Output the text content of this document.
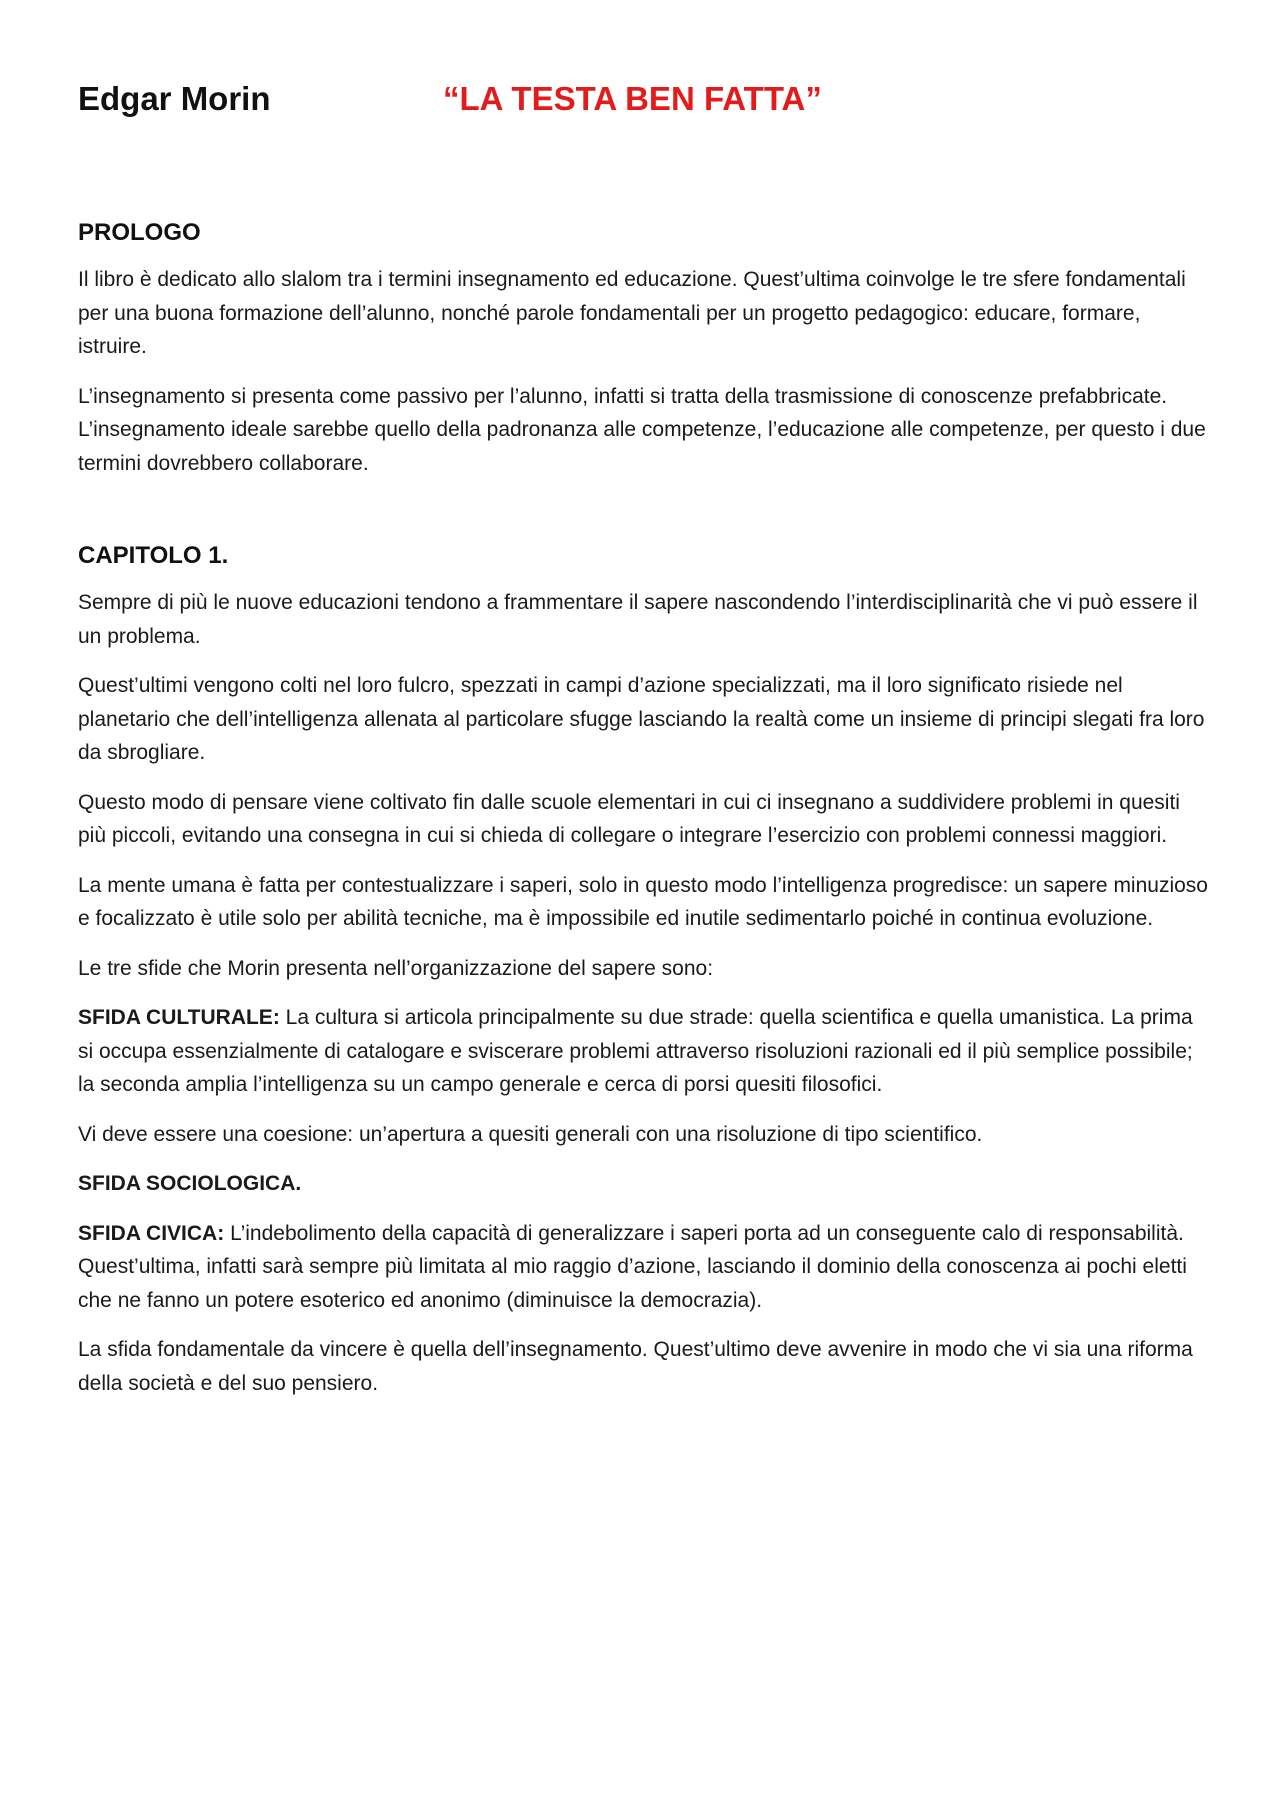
Edgar Morin	“LA TESTA BEN FATTA”
PROLOGO

Il libro è dedicato allo slalom tra i termini insegnamento ed educazione. Quest’ultima coinvolge le tre sfere fondamentali per una buona formazione dell’alunno, nonché parole fondamentali per un progetto pedagogico: educare, formare, istruire.

L’insegnamento si presenta come passivo per l’alunno, infatti si tratta della trasmissione di conoscenze prefabbricate. L’insegnamento ideale sarebbe quello della padronanza alle competenze, l’educazione alle competenze, per questo i due termini dovrebbero collaborare.

CAPITOLO 1.

Sempre di più le nuove educazioni tendono a frammentare il sapere nascondendo l’interdisciplinarità che vi può essere il un problema.

Quest’ultimi vengono colti nel loro fulcro, spezzati in campi d’azione specializzati, ma il loro significato risiede nel planetario che dell’intelligenza allenata al particolare sfugge lasciando la realtà come un insieme di principi slegati fra loro da sbrogliare.

Questo modo di pensare viene coltivato fin dalle scuole elementari in cui ci insegnano a suddividere problemi in quesiti più piccoli, evitando una consegna in cui si chieda di collegare o integrare l’esercizio con problemi connessi maggiori.

La mente umana è fatta per contestualizzare i saperi, solo in questo modo l’intelligenza progredisce: un sapere minuzioso e focalizzato è utile solo per abilità tecniche, ma è impossibile ed inutile sedimentarlo poiché in continua evoluzione.

Le tre sfide che Morin presenta nell’organizzazione del sapere sono:

SFIDA CULTURALE: La cultura si articola principalmente su due strade: quella scientifica e quella umanistica. La prima si occupa essenzialmente di catalogare e sviscerare problemi attraverso risoluzioni razionali ed il più semplice possibile; la seconda amplia l’intelligenza su un campo generale e cerca di porsi quesiti filosofici.

Vi deve essere una coesione: un’apertura a quesiti generali con una risoluzione di tipo scientifico.

SFIDA SOCIOLOGICA.

SFIDA CIVICA: L’indebolimento della capacità di generalizzare i saperi porta ad un conseguente calo di responsabilità. Quest’ultima, infatti sarà sempre più limitata al mio raggio d’azione, lasciando il dominio della conoscenza ai pochi eletti che ne fanno un potere esoterico ed anonimo (diminuisce la democrazia).

La sfida fondamentale da vincere è quella dell’insegnamento. Quest’ultimo deve avvenire in modo che vi sia una riforma della società e del suo pensiero.
